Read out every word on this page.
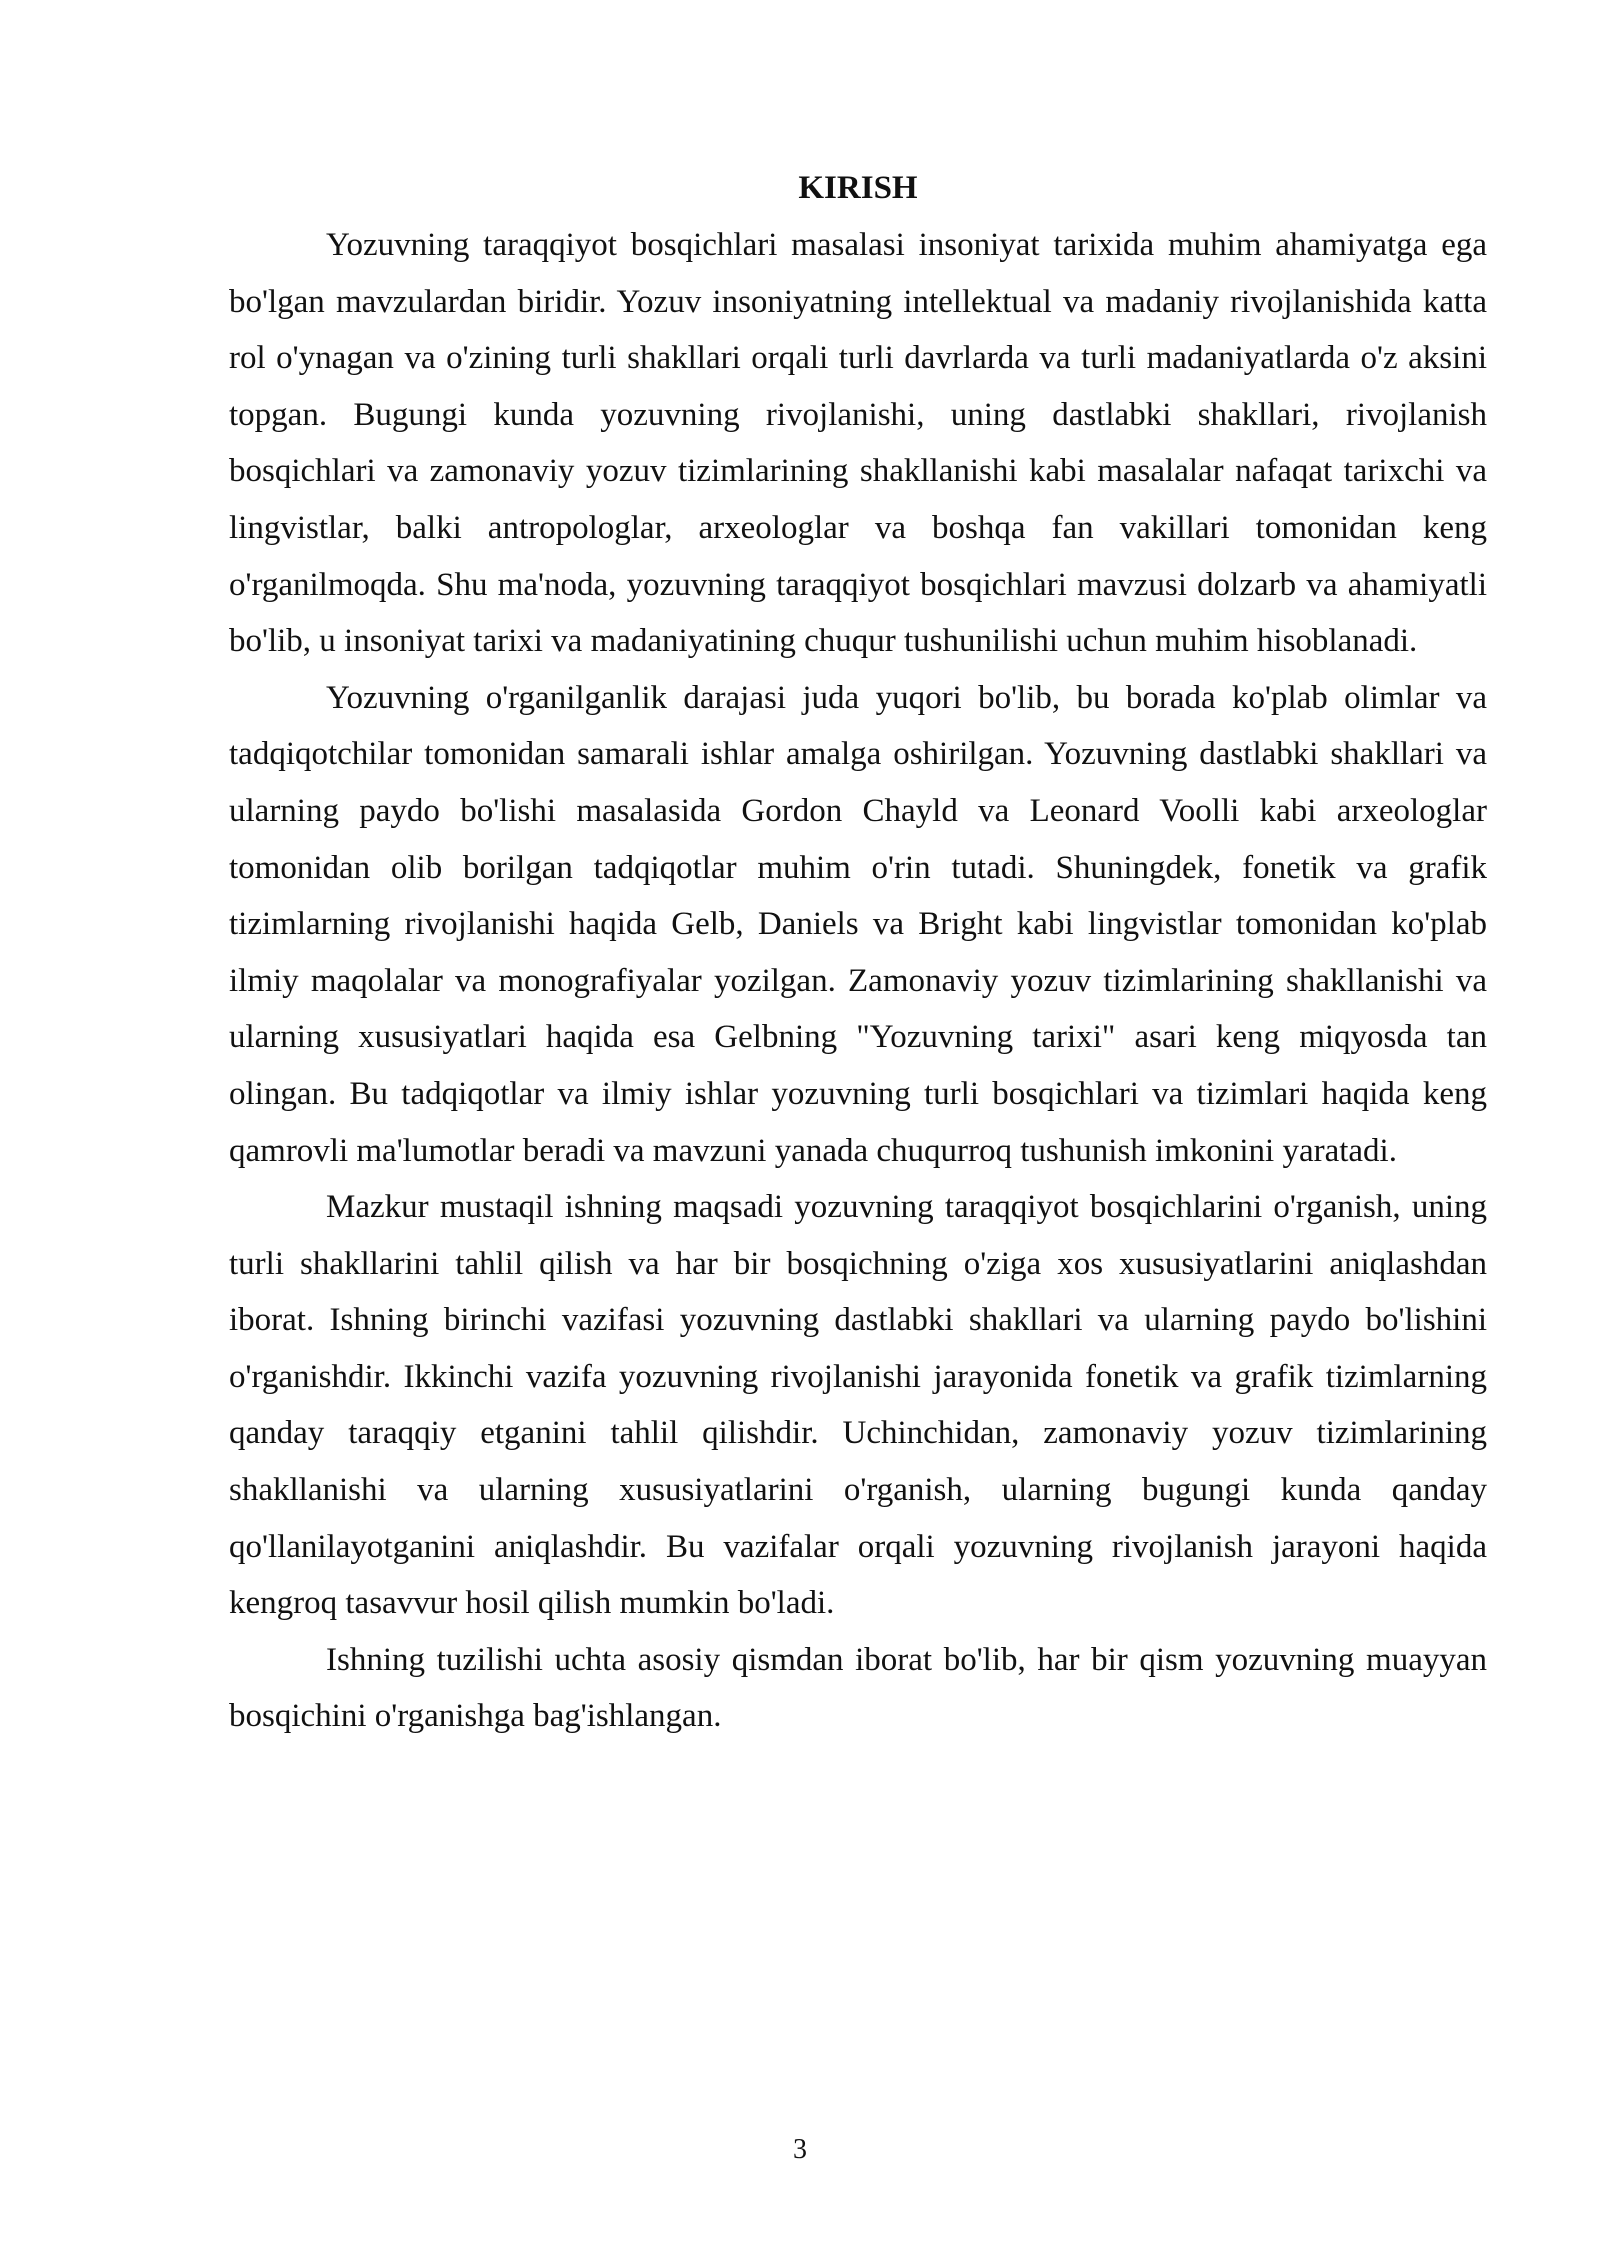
KIRISH

Yozuvning taraqqiyot bosqichlari masalasi insoniyat tarixida muhim ahamiyatga ega bo'lgan mavzulardan biridir. Yozuv insoniyatning intellektual va madaniy rivojlanishida katta rol o'ynagan va o'zining turli shakllari orqali turli davrlarda va turli madaniyatlarda o'z aksini topgan. Bugungi kunda yozuvning rivojlanishi, uning dastlabki shakllari, rivojlanish bosqichlari va zamonaviy yozuv tizimlarining shakllanishi kabi masalalar nafaqat tarixchi va lingvistlar, balki antropologlar, arxeologlar va boshqa fan vakillari tomonidan keng o'rganilmoqda. Shu ma'noda, yozuvning taraqqiyot bosqichlari mavzusi dolzarb va ahamiyatli bo'lib, u insoniyat tarixi va madaniyatining chuqur tushunilishi uchun muhim hisoblanadi.

Yozuvning o'rganilganlik darajasi juda yuqori bo'lib, bu borada ko'plab olimlar va tadqiqotchilar tomonidan samarali ishlar amalga oshirilgan. Yozuvning dastlabki shakllari va ularning paydo bo'lishi masalasida Gordon Chayld va Leonard Voolli kabi arxeologlar tomonidan olib borilgan tadqiqotlar muhim o'rin tutadi. Shuningdek, fonetik va grafik tizimlarning rivojlanishi haqida Gelb, Daniels va Bright kabi lingvistlar tomonidan ko'plab ilmiy maqolalar va monografiyalar yozilgan. Zamonaviy yozuv tizimlarining shakllanishi va ularning xususiyatlari haqida esa Gelbning "Yozuvning tarixi" asari keng miqyosda tan olingan. Bu tadqiqotlar va ilmiy ishlar yozuvning turli bosqichlari va tizimlari haqida keng qamrovli ma'lumotlar beradi va mavzuni yanada chuqurroq tushunish imkonini yaratadi.

Mazkur mustaqil ishning maqsadi yozuvning taraqqiyot bosqichlarini o'rganish, uning turli shakllarini tahlil qilish va har bir bosqichning o'ziga xos xususiyatlarini aniqlashdan iborat. Ishning birinchi vazifasi yozuvning dastlabki shakllari va ularning paydo bo'lishini o'rganishdir. Ikkinchi vazifa yozuvning rivojlanishi jarayonida fonetik va grafik tizimlarning qanday taraqqiy etganini tahlil qilishdir. Uchinchidan, zamonaviy yozuv tizimlarining shakllanishi va ularning xususiyatlarini o'rganish, ularning bugungi kunda qanday qo'llanilayotganini aniqlashdir. Bu vazifalar orqali yozuvning rivojlanish jarayoni haqida kengroq tasavvur hosil qilish mumkin bo'ladi.

Ishning tuzilishi uchta asosiy qismdan iborat bo'lib, har bir qism yozuvning muayyan bosqichini o'rganishga bag'ishlangan.

3
